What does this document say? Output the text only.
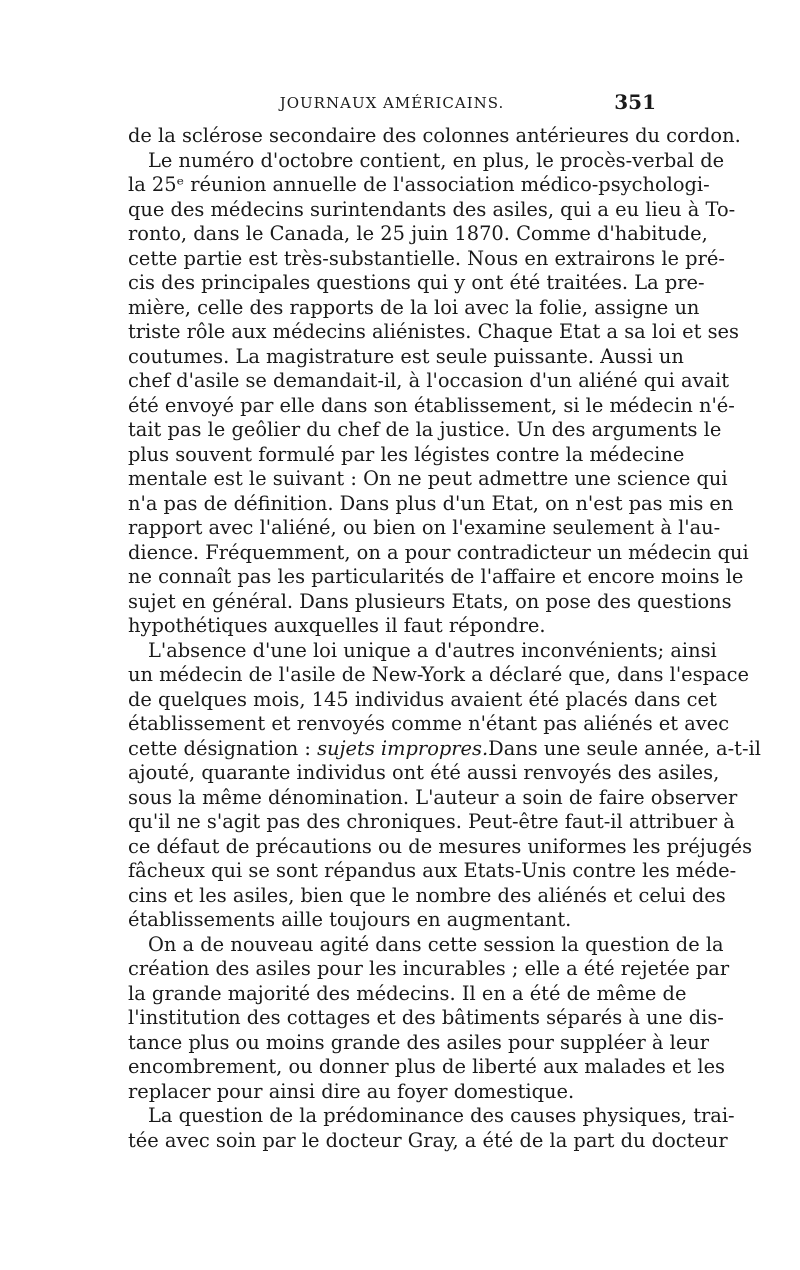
JOURNAUX AMÉRICAINS.	351
de la sclérose secondaire des colonnes antérieures du cordon.
Le numéro d'octobre contient, en plus, le procès-verbal de
la 25ᵉ réunion annuelle de l'association médico-psychologi-
que des médecins surintendants des asiles, qui a eu lieu à To-
ronto, dans le Canada, le 25 juin 1870. Comme d'habitude,
cette partie est très-substantielle. Nous en extrairons le pré-
cis des principales questions qui y ont été traitées. La pre-
mière, celle des rapports de la loi avec la folie, assigne un
triste rôle aux médecins aliénistes. Chaque Etat a sa loi et ses
coutumes. La magistrature est seule puissante. Aussi un
chef d'asile se demandait-il, à l'occasion d'un aliéné qui avait
été envoyé par elle dans son établissement, si le médecin n'é-
tait pas le geôlier du chef de la justice. Un des arguments le
plus souvent formulé par les légistes contre la médecine
mentale est le suivant : On ne peut admettre une science qui
n'a pas de définition. Dans plus d'un Etat, on n'est pas mis en
rapport avec l'aliéné, ou bien on l'examine seulement à l'au-
dience. Fréquemment, on a pour contradicteur un médecin qui
ne connaît pas les particularités de l'affaire et encore moins le
sujet en général. Dans plusieurs Etats, on pose des questions
hypothétiques auxquelles il faut répondre.
L'absence d'une loi unique a d'autres inconvénients; ainsi
un médecin de l'asile de New-York a déclaré que, dans l'espace
de quelques mois, 145 individus avaient été placés dans cet
établissement et renvoyés comme n'étant pas aliénés et avec
cette désignation : sujets impropres.Dans une seule année, a-t-il
ajouté, quarante individus ont été aussi renvoyés des asiles,
sous la même dénomination. L'auteur a soin de faire observer
qu'il ne s'agit pas des chroniques. Peut-être faut-il attribuer à
ce défaut de précautions ou de mesures uniformes les préjugés
fâcheux qui se sont répandus aux Etats-Unis contre les méde-
cins et les asiles, bien que le nombre des aliénés et celui des
établissements aille toujours en augmentant.
On a de nouveau agité dans cette session la question de la
création des asiles pour les incurables ; elle a été rejetée par
la grande majorité des médecins. Il en a été de même de
l'institution des cottages et des bâtiments séparés à une dis-
tance plus ou moins grande des asiles pour suppléer à leur
encombrement, ou donner plus de liberté aux malades et les
replacer pour ainsi dire au foyer domestique.
La question de la prédominance des causes physiques, trai-
tée avec soin par le docteur Gray, a été de la part du docteur
